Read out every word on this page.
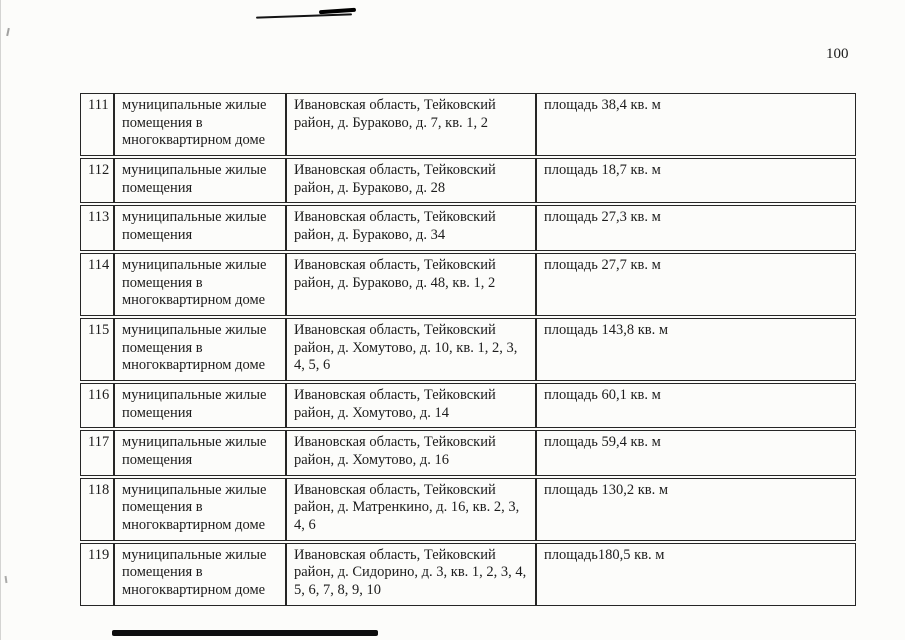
100
111	муниципальные жилые помещения в многоквартирном доме	Ивановская область, Тейковский район, д. Бураково, д. 7, кв. 1, 2	площадь 38,4 кв. м
112	муниципальные жилые помещения	Ивановская область, Тейковский район, д. Бураково, д. 28	площадь 18,7 кв. м
113	муниципальные жилые помещения	Ивановская область, Тейковский район, д. Бураково, д. 34	площадь 27,3 кв. м
114	муниципальные жилые помещения в многоквартирном доме	Ивановская область, Тейковский район, д. Бураково, д. 48, кв. 1, 2	площадь 27,7 кв. м
115	муниципальные жилые помещения в многоквартирном доме	Ивановская область, Тейковский район, д. Хомутово, д. 10, кв. 1, 2, 3, 4, 5, 6	площадь 143,8 кв. м
116	муниципальные жилые помещения	Ивановская область, Тейковский район, д. Хомутово, д. 14	площадь 60,1 кв. м
117	муниципальные жилые помещения	Ивановская область, Тейковский район, д. Хомутово, д. 16	площадь 59,4 кв. м
118	муниципальные жилые помещения в многоквартирном доме	Ивановская область, Тейковский район, д. Матренкино, д. 16, кв. 2, 3, 4, 6	площадь 130,2 кв. м
119	муниципальные жилые помещения в многоквартирном доме	Ивановская область, Тейковский район, д. Сидорино, д. 3, кв. 1, 2, 3, 4, 5, 6, 7, 8, 9, 10	площадь180,5 кв. м
